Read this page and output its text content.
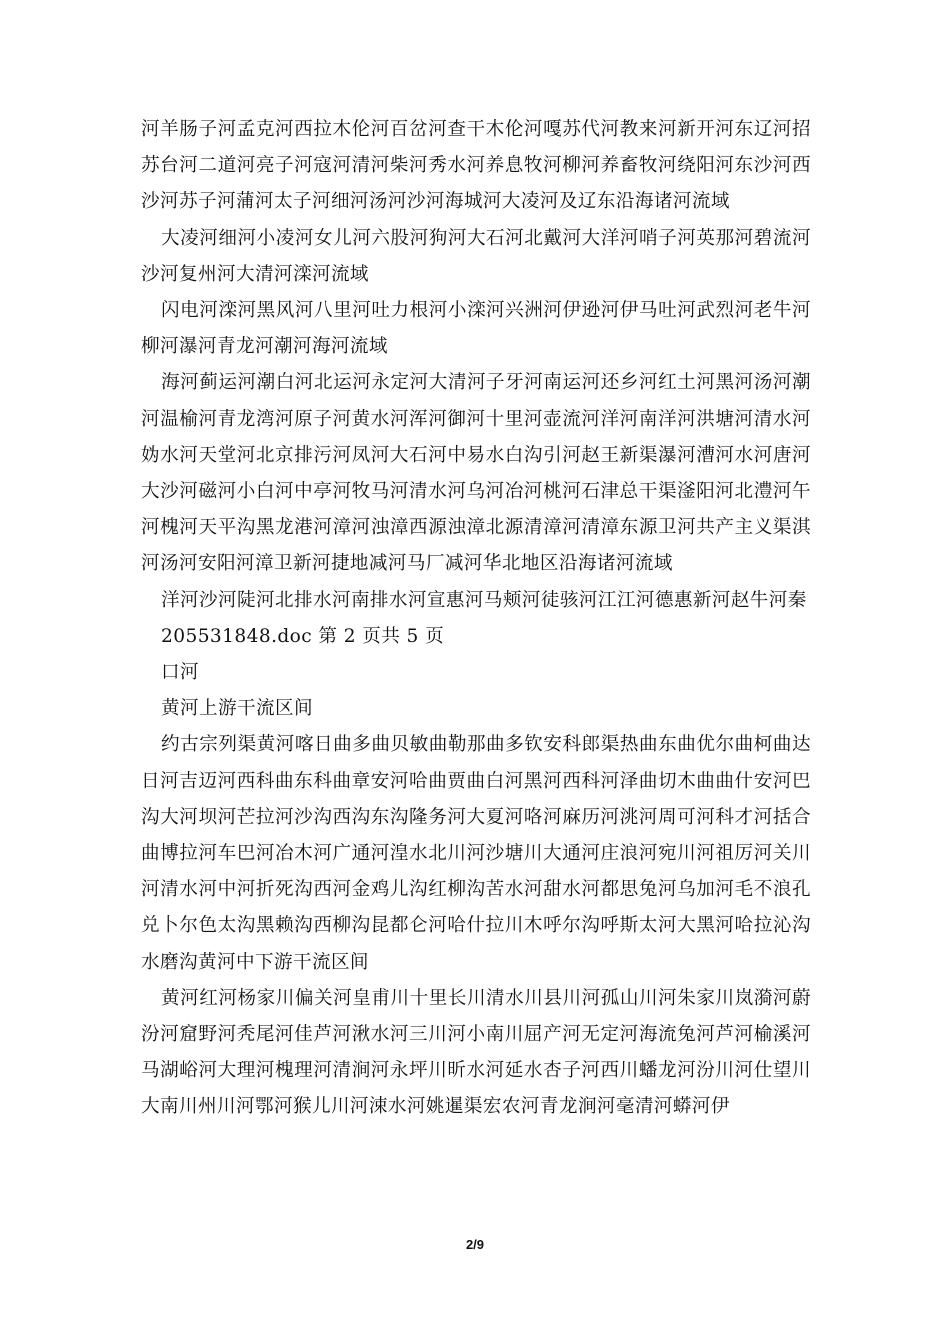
河羊肠子河孟克河西拉木伦河百岔河查干木伦河嘎苏代河教来河新开河东辽河招苏台河二道河亮子河寇河清河柴河秀水河养息牧河柳河养畜牧河绕阳河东沙河西沙河苏子河蒲河太子河细河汤河沙河海城河大凌河及辽东沿海诸河流域

大凌河细河小凌河女儿河六股河狗河大石河北戴河大洋河哨子河英那河碧流河沙河复州河大清河滦河流域

闪电河滦河黑风河八里河吐力根河小滦河兴洲河伊逊河伊马吐河武烈河老牛河柳河瀑河青龙河潮河海河流域

海河蓟运河潮白河北运河永定河大清河子牙河南运河还乡河红土河黑河汤河潮河温榆河青龙湾河原子河黄水河浑河御河十里河壶流河洋河南洋河洪塘河清水河妫水河天堂河北京排污河凤河大石河中易水白沟引河赵王新渠瀑河漕河水河唐河大沙河磁河小白河中亭河牧马河清水河乌河冶河桃河石津总干渠滏阳河北澧河午河槐河天平沟黑龙港河漳河浊漳西源浊漳北源清漳河清漳东源卫河共产主义渠淇河汤河安阳河漳卫新河捷地减河马厂减河华北地区沿海诸河流域

洋河沙河陡河北排水河南排水河宣惠河马颊河徒骇河江江河德惠新河赵牛河秦

205531848.doc 第 2 页共 5 页

口河

黄河上游干流区间

约古宗列渠黄河喀日曲多曲贝敏曲勒那曲多钦安科郎渠热曲东曲优尔曲柯曲达日河吉迈河西科曲东科曲章安河哈曲贾曲白河黑河西科河泽曲切木曲曲什安河巴沟大河坝河芒拉河沙沟西沟东沟隆务河大夏河咯河麻历河洮河周可河科才河括合曲博拉河车巴河冶木河广通河湟水北川河沙塘川大通河庄浪河宛川河祖厉河关川河清水河中河折死沟西河金鸡儿沟红柳沟苦水河甜水河都思兔河乌加河毛不浪孔兑卜尔色太沟黑赖沟西柳沟昆都仑河哈什拉川木呼尔沟呼斯太河大黑河哈拉沁沟水磨沟黄河中下游干流区间

黄河红河杨家川偏关河皇甫川十里长川清水川县川河孤山川河朱家川岚漪河蔚汾河窟野河秃尾河佳芦河湫水河三川河小南川屈产河无定河海流兔河芦河榆溪河马湖峪河大理河槐理河清涧河永坪川昕水河延水杏子河西川蟠龙河汾川河仕望川大南川州川河鄂河猴儿川河涑水河姚暹渠宏农河青龙涧河毫清河蟒河伊

2/9
